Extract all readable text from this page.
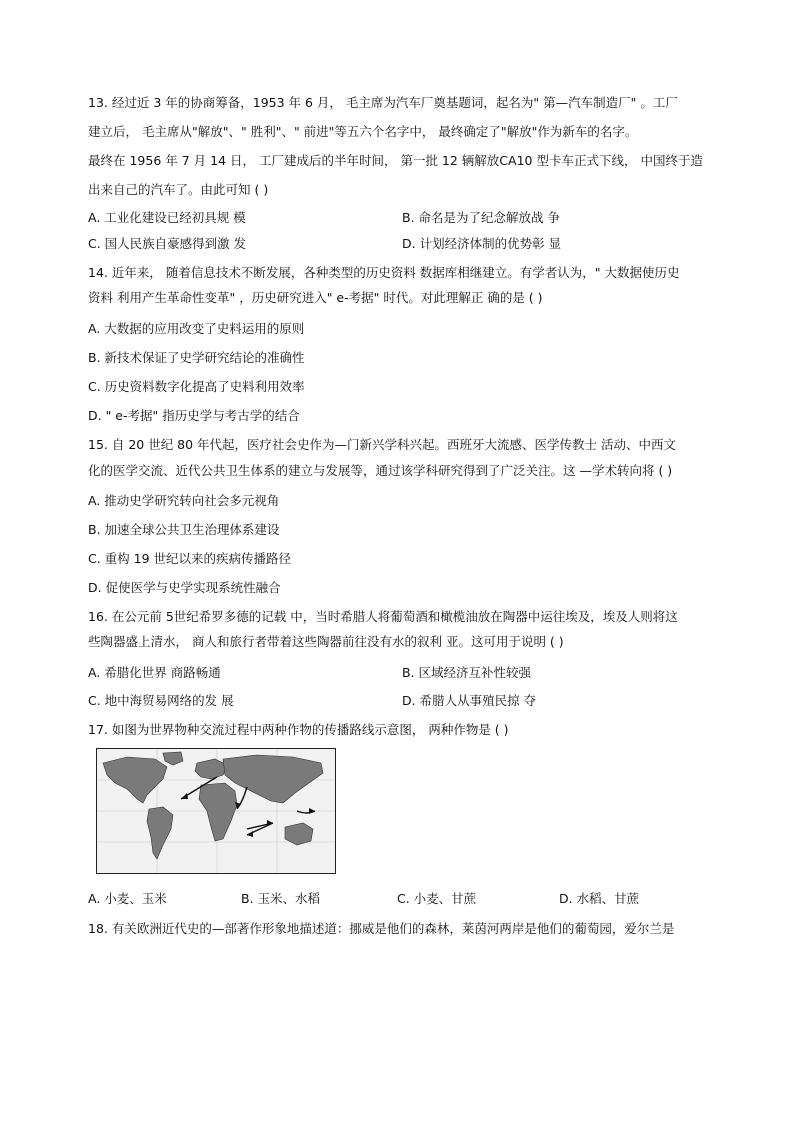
13. 经过近 3 年的协商筹备，1953 年 6 月， 毛主席为汽车厂奠基题词，起名为" 第—汽车制造厂" 。工厂
建立后， 毛主席从"解放"、" 胜利"、" 前进"等五六个名字中， 最终确定了"解放"作为新车的名字。
最终在 1956 年 7 月 14 日， 工厂建成后的半年时间， 第一批 12 辆解放CA10 型卡车正式下线， 中国终于造
出来自己的汽车了。由此可知 ( )
A. 工业化建设已经初具规 模	B. 命名是为了纪念解放战 争
C. 国人民族自豪感得到激 发	D. 计划经济体制的优势彰 显
14. 近年来， 随着信息技术不断发展，各种类型的历史资料 数据库相继建立。有学者认为，" 大数据使历史
资料 利用产生革命性变革" ，历史研究进入" e-考据" 时代。对此理解正 确的是 ( )
A. 大数据的应用改变了史料运用的原则
B. 新技术保证了史学研究结论的准确性
C. 历史资料数字化提高了史料利用效率
D. " e-考据" 指历史学与考古学的结合
15. 自 20 世纪 80 年代起，医疗社会史作为—门新兴学科兴起。西班牙大流感、医学传教士 活动、中西文
化的医学交流、近代公共卫生体系的建立与发展等，通过该学科研究得到了广泛关注。这 —学术转向将 ( )
A. 推动史学研究转向社会多元视角
B. 加速全球公共卫生治理体系建设
C. 重构 19 世纪以来的疾病传播路径
D. 促使医学与史学实现系统性融合
16. 在公元前 5世纪希罗多德的记载 中，当时希腊人将葡萄酒和橄榄油放在陶器中运往埃及，埃及人则将这
些陶器盛上清水， 商人和旅行者带着这些陶器前往没有水的叙利 亚。这可用于说明 ( )
A. 希腊化世界 商路畅通	B. 区域经济互补性较强
C. 地中海贸易网络的发 展	D. 希腊人从事殖民掠 夺
17. 如图为世界物种交流过程中两种作物的传播路线示意图， 两种作物是 ( )
A. 小麦、玉米	B. 玉米、水稻	C. 小麦、甘蔗	D. 水稻、甘蔗
18. 有关欧洲近代史的—部著作形象地描述道：挪威是他们的森林，莱茵河两岸是他们的葡萄园，爱尔兰是
